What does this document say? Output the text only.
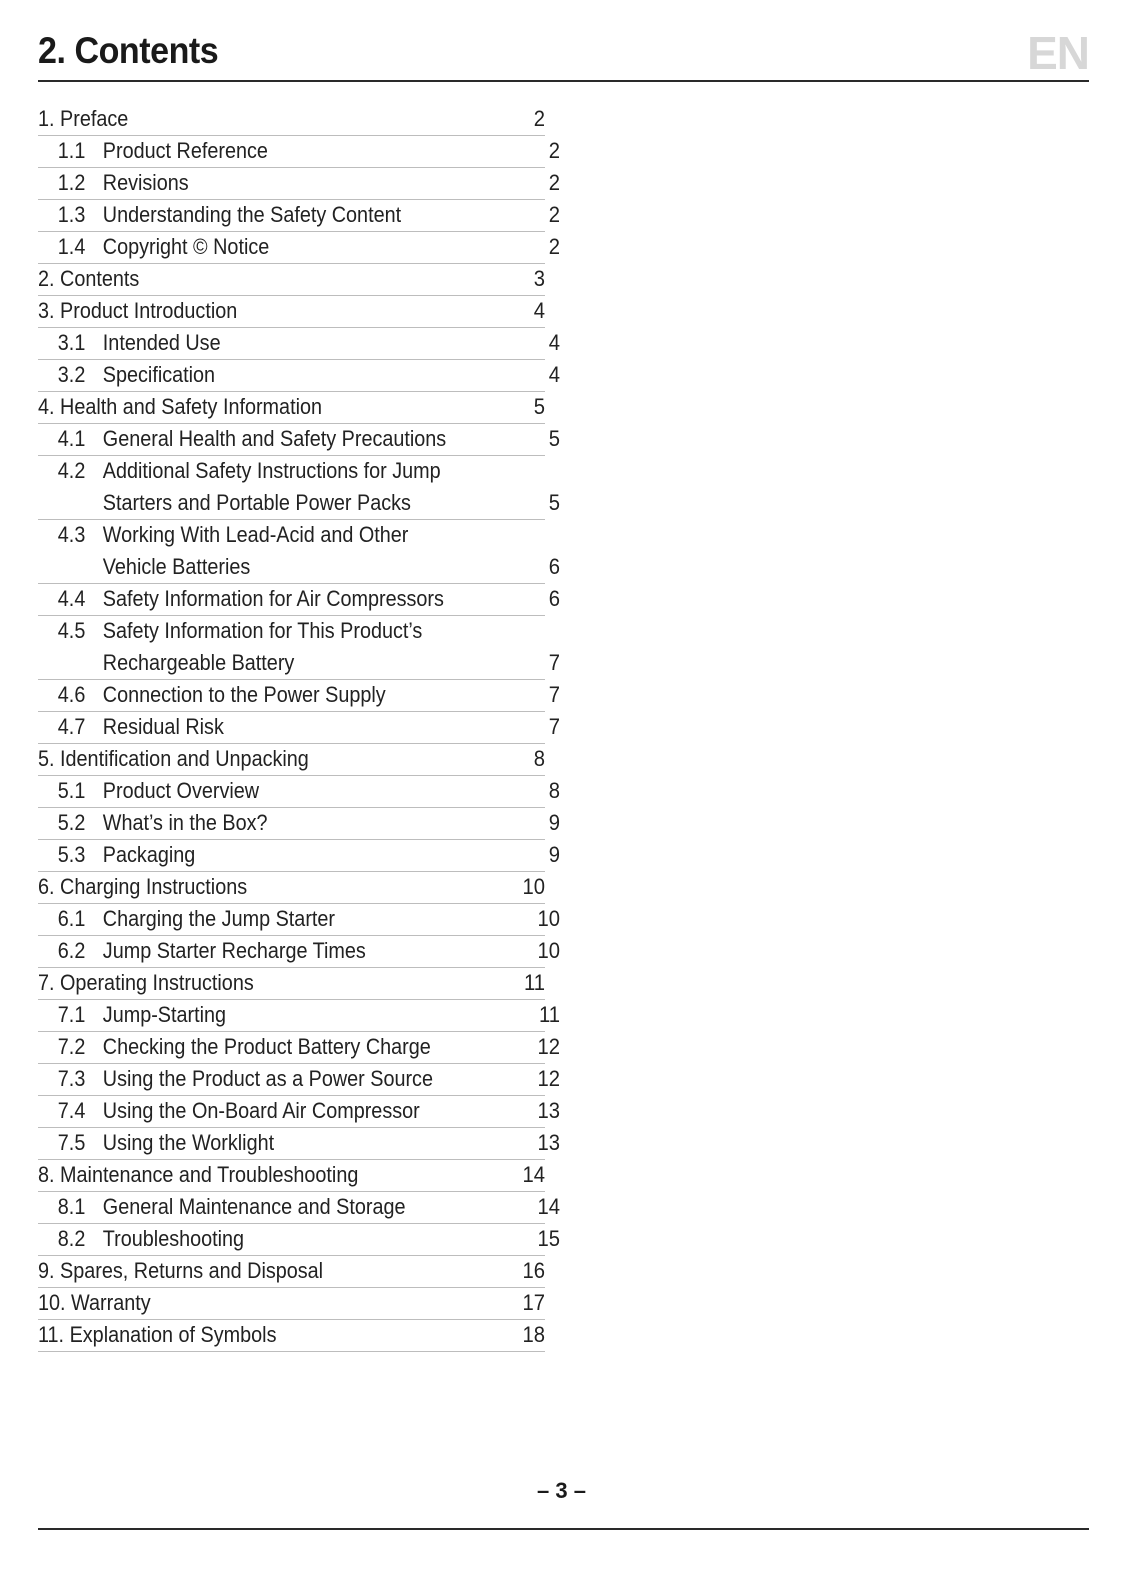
2. Contents	EN
1. Preface	2
1.1 Product Reference	2
1.2 Revisions	2
1.3 Understanding the Safety Content	2
1.4 Copyright © Notice	2
2. Contents	3
3. Product Introduction	4
3.1 Intended Use	4
3.2 Specification	4
4. Health and Safety Information	5
4.1 General Health and Safety Precautions	5
4.2 Additional Safety Instructions for Jump Starters and Portable Power Packs	5
4.3 Working With Lead-Acid and Other Vehicle Batteries	6
4.4 Safety Information for Air Compressors	6
4.5 Safety Information for This Product’s Rechargeable Battery	7
4.6 Connection to the Power Supply	7
4.7 Residual Risk	7
5. Identification and Unpacking	8
5.1 Product Overview	8
5.2 What’s in the Box?	9
5.3 Packaging	9
6. Charging Instructions	10
6.1 Charging the Jump Starter	10
6.2 Jump Starter Recharge Times	10
7. Operating Instructions	11
7.1 Jump-Starting	11
7.2 Checking the Product Battery Charge	12
7.3 Using the Product as a Power Source	12
7.4 Using the On-Board Air Compressor	13
7.5 Using the Worklight	13
8. Maintenance and Troubleshooting	14
8.1 General Maintenance and Storage	14
8.2 Troubleshooting	15
9. Spares, Returns and Disposal	16
10. Warranty	17
11. Explanation of Symbols	18
– 3 –
